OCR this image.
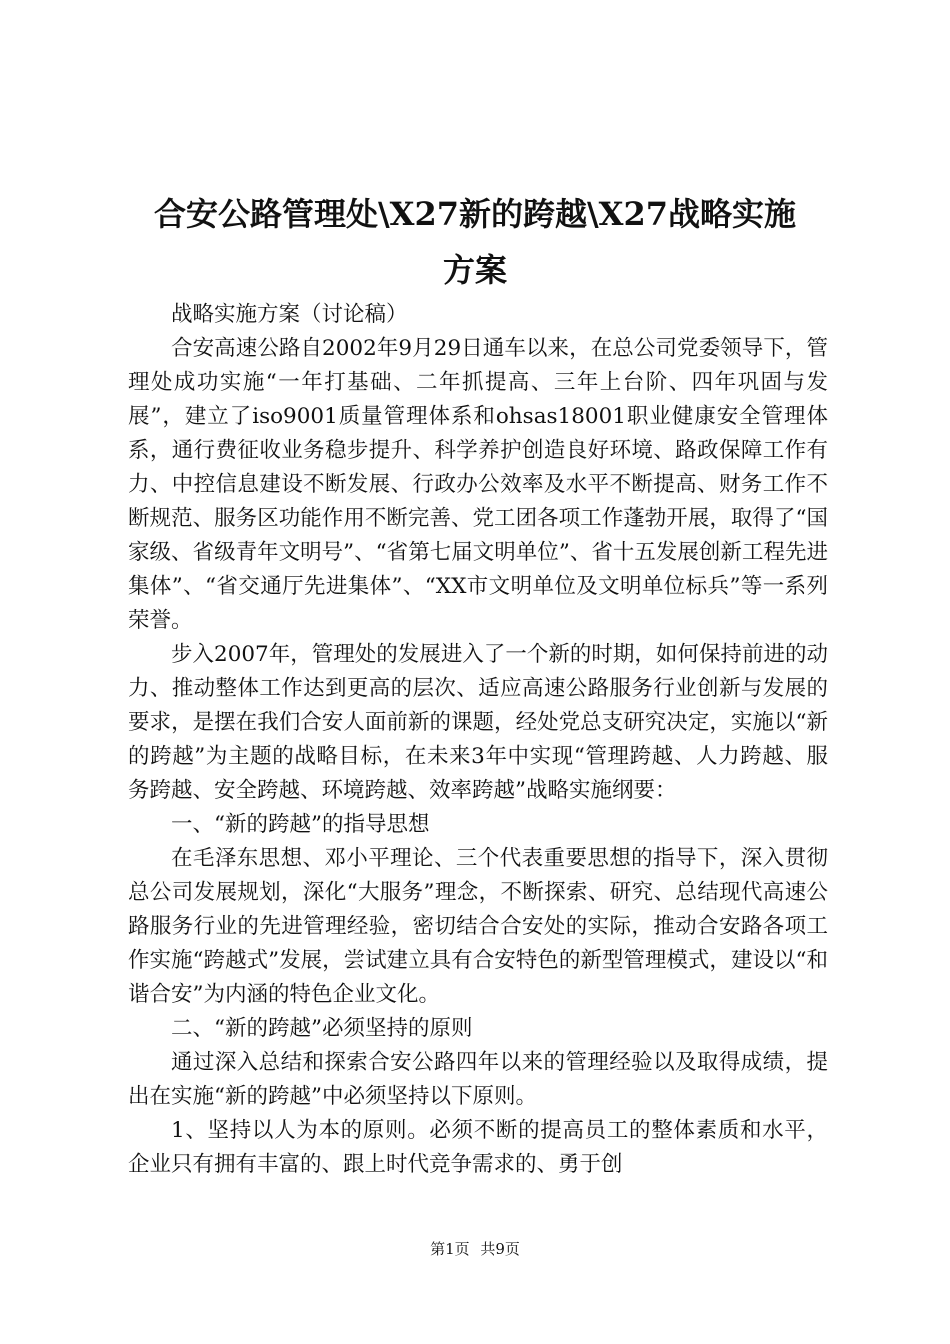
合安公路管理处\X27新的跨越\X27战略实施
方案

战略实施方案（讨论稿）

合安高速公路自2002年9月29日通车以来，在总公司党委领导下，管理处成功实施“一年打基础、二年抓提高、三年上台阶、四年巩固与发展”，建立了iso9001质量管理体系和ohsas18001职业健康安全管理体系，通行费征收业务稳步提升、科学养护创造良好环境、路政保障工作有力、中控信息建设不断发展、行政办公效率及水平不断提高、财务工作不断规范、服务区功能作用不断完善、党工团各项工作蓬勃开展，取得了“国家级、省级青年文明号”、“省第七届文明单位”、省十五发展创新工程先进集体”、“省交通厅先进集体”、“XX市文明单位及文明单位标兵”等一系列荣誉。

步入2007年，管理处的发展进入了一个新的时期，如何保持前进的动力、推动整体工作达到更高的层次、适应高速公路服务行业创新与发展的要求，是摆在我们合安人面前新的课题，经处党总支研究决定，实施以“新的跨越”为主题的战略目标，在未来3年中实现“管理跨越、人力跨越、服务跨越、安全跨越、环境跨越、效率跨越”战略实施纲要：

一、“新的跨越”的指导思想

在毛泽东思想、邓小平理论、三个代表重要思想的指导下，深入贯彻总公司发展规划，深化“大服务”理念，不断探索、研究、总结现代高速公路服务行业的先进管理经验，密切结合合安处的实际，推动合安路各项工作实施“跨越式”发展，尝试建立具有合安特色的新型管理模式，建设以“和谐合安”为内涵的特色企业文化。

二、“新的跨越”必须坚持的原则

通过深入总结和探索合安公路四年以来的管理经验以及取得成绩，提出在实施“新的跨越”中必须坚持以下原则。

1、坚持以人为本的原则。必须不断的提高员工的整体素质和水平，企业只有拥有丰富的、跟上时代竞争需求的、勇于创

第1页 共9页
